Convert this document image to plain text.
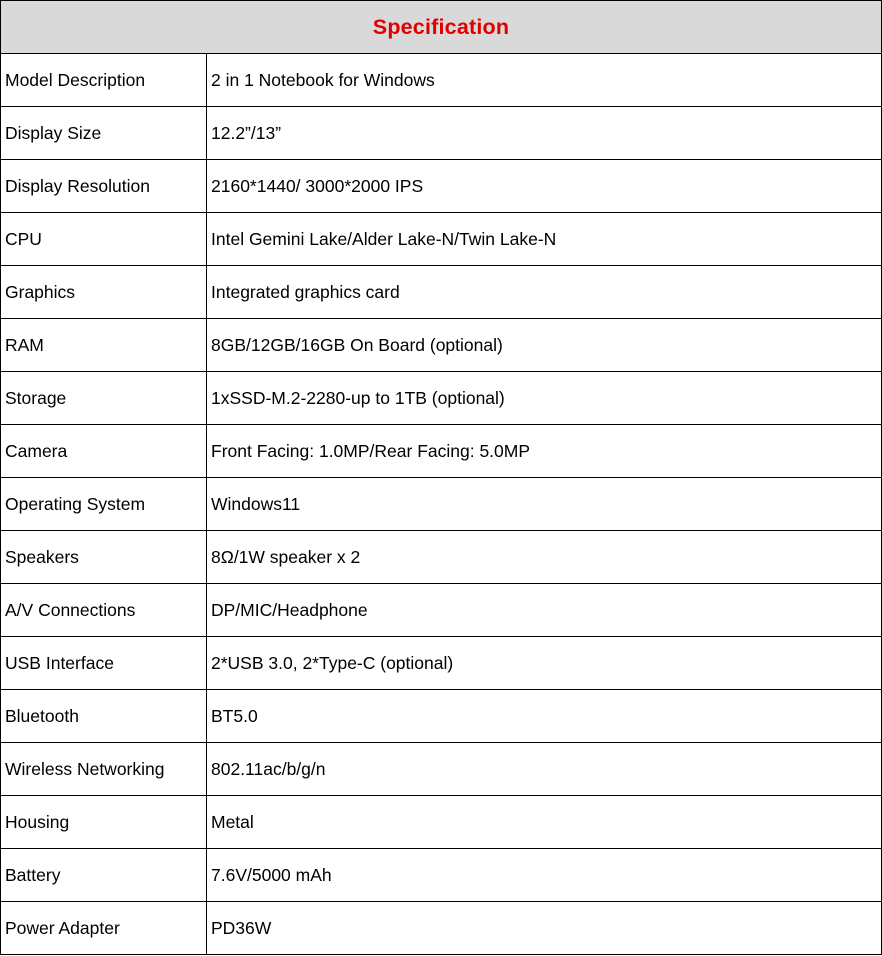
Specification	
Model Description	2 in 1 Notebook for Windows
Display Size	12.2”/13”
Display Resolution	2160*1440/ 3000*2000 IPS
CPU	Intel Gemini Lake/Alder Lake-N/Twin Lake-N
Graphics	Integrated graphics card
RAM	8GB/12GB/16GB On Board (optional)
Storage	1xSSD-M.2-2280-up to 1TB (optional)
Camera	Front Facing: 1.0MP/Rear Facing: 5.0MP
Operating System	Windows11
Speakers	8Ω/1W speaker x 2
A/V Connections	DP/MIC/Headphone
USB Interface	2*USB 3.0, 2*Type-C (optional)
Bluetooth	BT5.0
Wireless Networking	802.11ac/b/g/n
Housing	Metal
Battery	7.6V/5000 mAh
Power Adapter	PD36W
